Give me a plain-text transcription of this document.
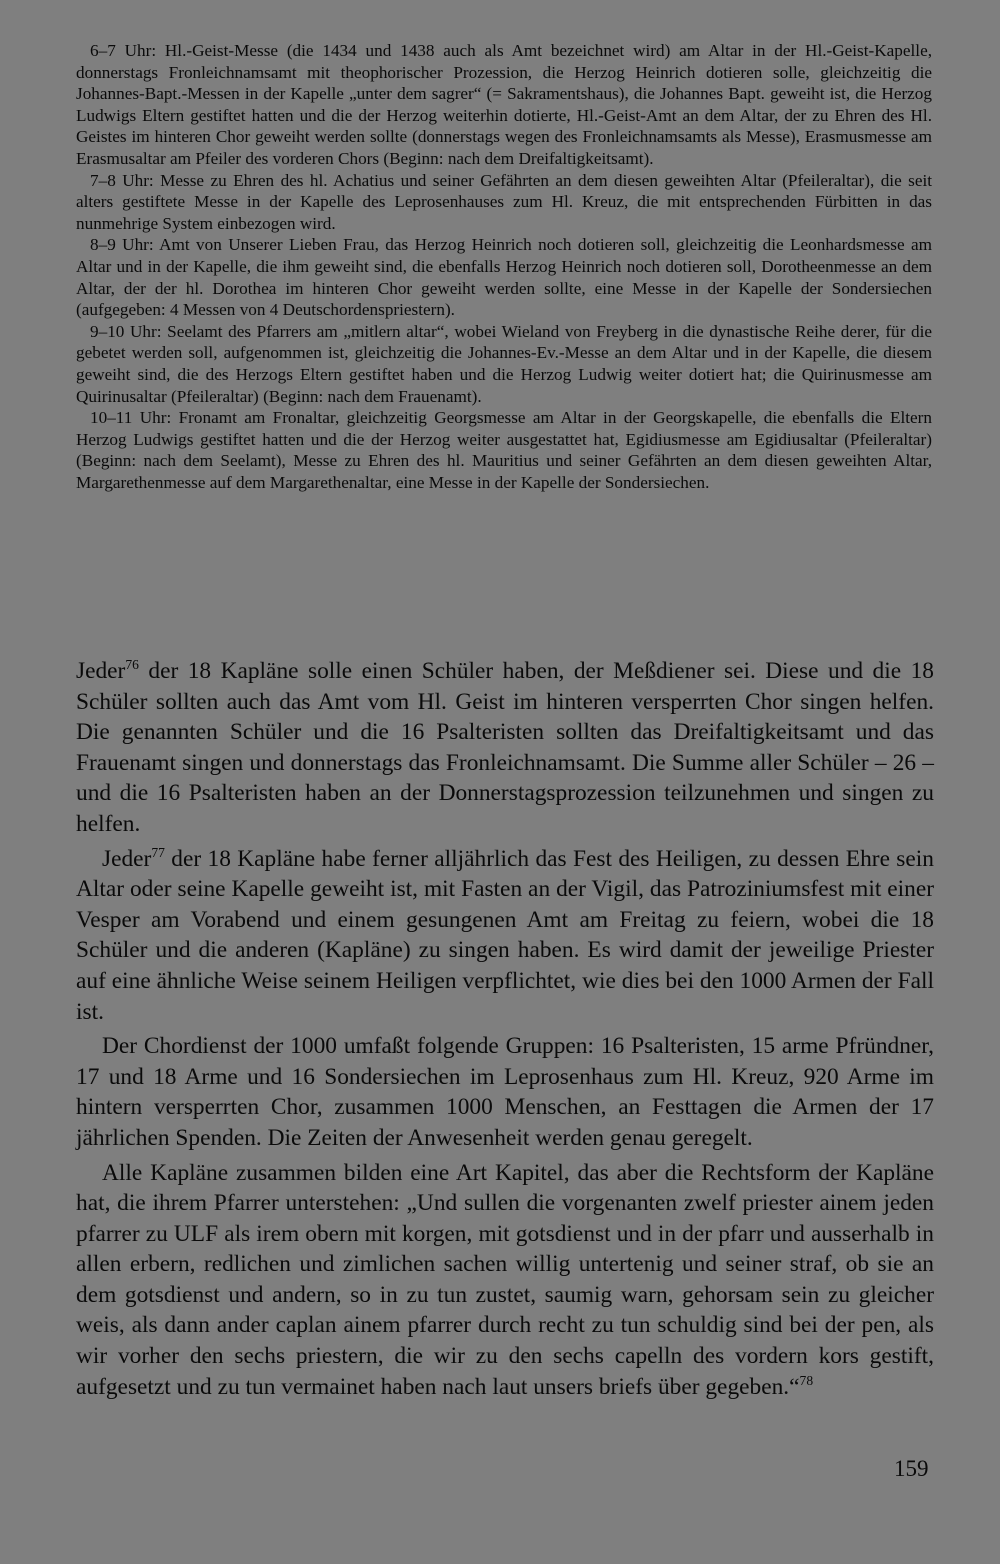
6–7 Uhr: Hl.-Geist-Messe (die 1434 und 1438 auch als Amt bezeichnet wird) am Altar in der Hl.-Geist-Kapelle, donnerstags Fronleichnamsamt mit theophorischer Prozession, die Herzog Heinrich dotieren solle, gleichzeitig die Johannes-Bapt.-Messen in der Kapelle „unter dem sagrer“ (= Sakramentshaus), die Johannes Bapt. geweiht ist, die Herzog Ludwigs Eltern gestiftet hatten und die der Herzog weiterhin dotierte, Hl.-Geist-Amt an dem Altar, der zu Ehren des Hl. Geistes im hinteren Chor geweiht werden sollte (donnerstags wegen des Fronleichnamsamts als Messe), Erasmusmesse am Erasmusaltar am Pfeiler des vorderen Chors (Beginn: nach dem Dreifaltigkeitsamt).

7–8 Uhr: Messe zu Ehren des hl. Achatius und seiner Gefährten an dem diesen geweihten Altar (Pfeileraltar), die seit alters gestiftete Messe in der Kapelle des Leprosenhauses zum Hl. Kreuz, die mit entsprechenden Fürbitten in das nunmehrige System einbezogen wird.

8–9 Uhr: Amt von Unserer Lieben Frau, das Herzog Heinrich noch dotieren soll, gleichzeitig die Leonhardsmesse am Altar und in der Kapelle, die ihm geweiht sind, die ebenfalls Herzog Heinrich noch dotieren soll, Dorotheenmesse an dem Altar, der der hl. Dorothea im hinteren Chor geweiht werden sollte, eine Messe in der Kapelle der Sondersiechen (aufgegeben: 4 Messen von 4 Deutschordenspriestern).

9–10 Uhr: Seelamt des Pfarrers am „mitlern altar“, wobei Wieland von Freyberg in die dynastische Reihe derer, für die gebetet werden soll, aufgenommen ist, gleichzeitig die Johannes-Ev.-Messe an dem Altar und in der Kapelle, die diesem geweiht sind, die des Herzogs Eltern gestiftet haben und die Herzog Ludwig weiter dotiert hat; die Quirinusmesse am Quirinusaltar (Pfeileraltar) (Beginn: nach dem Frauenamt).

10–11 Uhr: Fronamt am Fronaltar, gleichzeitig Georgsmesse am Altar in der Georgskapelle, die ebenfalls die Eltern Herzog Ludwigs gestiftet hatten und die der Herzog weiter ausgestattet hat, Egidiusmesse am Egidiusaltar (Pfeileraltar) (Beginn: nach dem Seelamt), Messe zu Ehren des hl. Mauritius und seiner Gefährten an dem diesen geweihten Altar, Margarethenmesse auf dem Margarethenaltar, eine Messe in der Kapelle der Sondersiechen.

Jeder$^{76}$ der 18 Kapläne solle einen Schüler haben, der Meßdiener sei. Diese und die 18 Schüler sollten auch das Amt vom Hl. Geist im hinteren versperrten Chor singen helfen. Die genannten Schüler und die 16 Psalteristen sollten das Dreifaltigkeitsamt und das Frauenamt singen und donnerstags das Fronleichnamsamt. Die Summe aller Schüler – 26 – und die 16 Psalteristen haben an der Donnerstagsprozession teilzunehmen und singen zu helfen.

Jeder$^{77}$ der 18 Kapläne habe ferner alljährlich das Fest des Heiligen, zu dessen Ehre sein Altar oder seine Kapelle geweiht ist, mit Fasten an der Vigil, das Patroziniumsfest mit einer Vesper am Vorabend und einem gesungenen Amt am Freitag zu feiern, wobei die 18 Schüler und die anderen (Kapläne) zu singen haben. Es wird damit der jeweilige Priester auf eine ähnliche Weise seinem Heiligen verpflichtet, wie dies bei den 1000 Armen der Fall ist.

Der Chordienst der 1000 umfaßt folgende Gruppen: 16 Psalteristen, 15 arme Pfründner, 17 und 18 Arme und 16 Sondersiechen im Leprosenhaus zum Hl. Kreuz, 920 Arme im hintern versperrten Chor, zusammen 1000 Menschen, an Festtagen die Armen der 17 jährlichen Spenden. Die Zeiten der Anwesenheit werden genau geregelt.

Alle Kapläne zusammen bilden eine Art Kapitel, das aber die Rechtsform der Kapläne hat, die ihrem Pfarrer unterstehen: „Und sullen die vorgenanten zwelf priester ainem jeden pfarrer zu ULF als irem obern mit korgen, mit gotsdienst und in der pfarr und ausserhalb in allen erbern, redlichen und zimlichen sachen willig untertenig und seiner straf, ob sie an dem gotsdienst und andern, so in zu tun zustet, saumig warn, gehorsam sein zu gleicher weis, als dann ander caplan ainem pfarrer durch recht zu tun schuldig sind bei der pen, als wir vorher den sechs priestern, die wir zu den sechs capelln des vordern kors gestift, aufgesetzt und zu tun vermainet haben nach laut unsers briefs über gegeben.“$^{78}$

159
